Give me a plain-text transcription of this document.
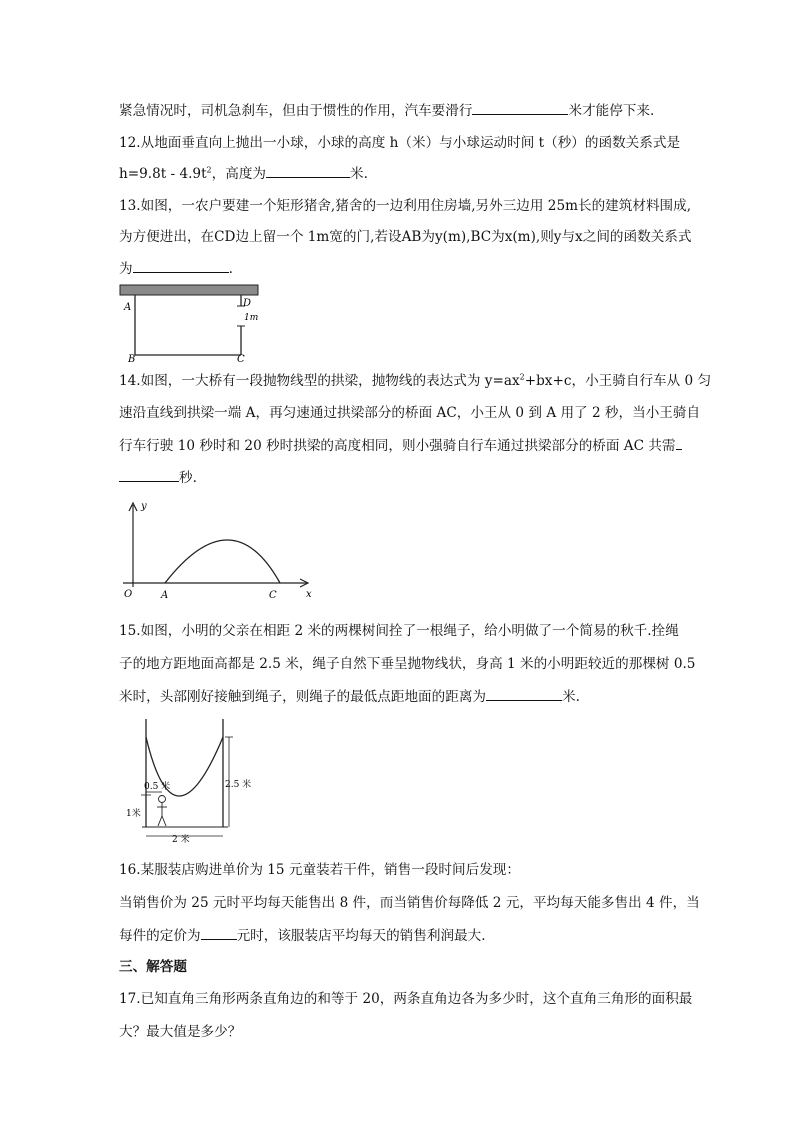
紧急情况时，司机急刹车，但由于惯性的作用，汽车要滑行	米才能停下来.
12.从地面垂直向上抛出一小球，小球的高度 h（米）与小球运动时间 t（秒）的函数关系式是
$h=9.8t - 4.9t^2$，高度为	米.
13.如图，一农户要建一个矩形猪舍,猪舍的一边利用住房墙,另外三边用 25m长的建筑材料围成,
为方便进出，在CD边上留一个 1m宽的门,若设AB为y(m),BC为x(m),则y与x之间的函数关系式
为	.
A
B	C
D
1m
14.如图，一大桥有一段抛物线型的拱梁，抛物线的表达式为 $y=ax^2+bx+c$，小王骑自行车从 0 匀
速沿直线到拱梁一端 A，再匀速通过拱梁部分的桥面 AC，小王从 0 到 A 用了 2 秒，当小王骑自
行车行驶 10 秒时和 20 秒时拱梁的高度相同，则小强骑自行车通过拱梁部分的桥面 AC 共需
秒.
y
x
O	A	C
15.如图，小明的父亲在相距 2 米的两棵树间拴了一根绳子，给小明做了一个简易的秋千.拴绳
子的地方距地面高都是 2.5 米，绳子自然下垂呈抛物线状，身高 1 米的小明距较近的那棵树 0.5
米时，头部刚好接触到绳子，则绳子的最低点距地面的距离为	米.
0.5 米
1米
2.5 米
2 米
16.某服装店购进单价为 15 元童装若干件，销售一段时间后发现：
当销售价为 25 元时平均每天能售出 8 件，而当销售价每降低 2 元，平均每天能多售出 4 件，当
每件的定价为	元时，该服装店平均每天的销售利润最大.
三、解答题
17.已知直角三角形两条直角边的和等于 20，两条直角边各为多少时，这个直角三角形的面积最
大？最大值是多少？
